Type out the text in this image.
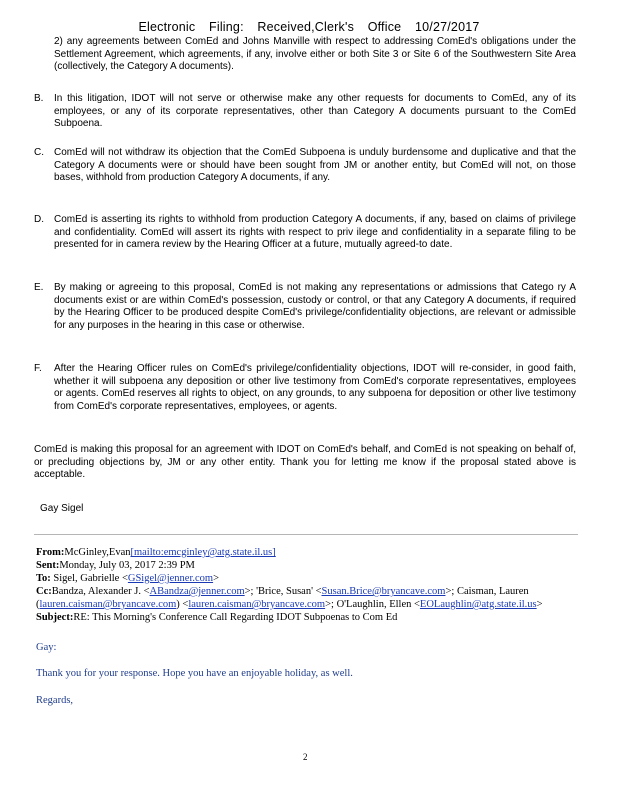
Electronic Filing: Received,Clerk's Office 10/27/2017
2) any agreements between ComEd and Johns Manville with respect to addressing ComEd's obligations under the Settlement Agreement, which agreements, if any, involve either or both Site 3 or Site 6 of the Southwestern Site Area (collectively, the Category A documents).
B. In this litigation, IDOT will not serve or otherwise make any other requests for documents to ComEd, any of its employees, or any of its corporate representatives, other than Category A documents pursuant to the ComEd Subpoena.
C. ComEd will not withdraw its objection that the ComEd Subpoena is unduly burdensome and duplicative and that the Category A documents were or should have been sought from JM or another entity, but ComEd will not, on those bases, withhold from production Category A documents, if any.
D. ComEd is asserting its rights to withhold from production Category A documents, if any, based on claims of privilege and confidentiality. ComEd will assert its rights with respect to priv ilege and confidentiality in a separate filing to be presented for in camera review by the Hearing Officer at a future, mutually agreed-to date.
E. By making or agreeing to this proposal, ComEd is not making any representations or admissions that Catego ry A documents exist or are within ComEd's possession, custody or control, or that any Category A documents, if required by the Hearing Officer to be produced despite ComEd's privilege/confidentiality objections, are relevant or admissible for any purposes in the hearing in this case or otherwise.
F. After the Hearing Officer rules on ComEd's privilege/confidentiality objections, IDOT will re-consider, in good faith, whether it will subpoena any deposition or other live testimony from ComEd's corporate representatives, employees or agents. ComEd reserves all rights to object, on any grounds, to any subpoena for deposition or other live testimony from ComEd's corporate representatives, employees, or agents.
ComEd is making this proposal for an agreement with IDOT on ComEd's behalf, and ComEd is not speaking on behalf of, or precluding objections by, JM or any other entity. Thank you for letting me know if the proposal stated above is acceptable.
Gay Sigel
From:McGinley,Evan[mailto:emcginley@atg.state.il.us]
Sent:Monday, July 03, 2017 2:39 PM
To: Sigel, Gabrielle <GSigel@jenner.com>
Cc:Bandza, Alexander J. <ABandza@jenner.com>; 'Brice, Susan' <Susan.Brice@bryancave.com>; Caisman, Lauren (lauren.caisman@bryancave.com) <lauren.caisman@bryancave.com>; O'Laughlin, Ellen <EOLaughlin@atg.state.il.us>
Subject:RE: This Morning's Conference Call Regarding IDOT Subpoenas to Com Ed
Gay:
Thank you for your response. Hope you have an enjoyable holiday, as well.
Regards,
2
